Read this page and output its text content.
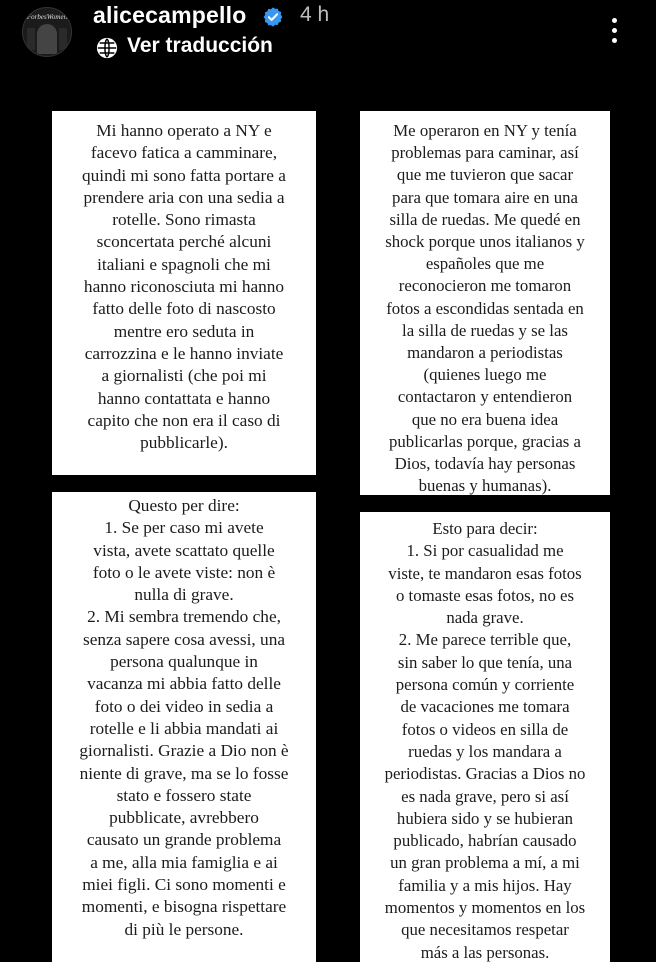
ForbesWomen alicecampello	4 h
Ver traducción
Mi hanno operato a NY e
facevo fatica a camminare,
quindi mi sono fatta portare a
prendere aria con una sedia a
rotelle. Sono rimasta
sconcertata perché alcuni
italiani e spagnoli che mi
hanno riconosciuta mi hanno
fatto delle foto di nascosto
mentre ero seduta in
carrozzina e le hanno inviate
a giornalisti (che poi mi
hanno contattata e hanno
capito che non era il caso di
pubblicarle).
Me operaron en NY y tenía
problemas para caminar, así
que me tuvieron que sacar
para que tomara aire en una
silla de ruedas. Me quedé en
shock porque unos italianos y
españoles que me
reconocieron me tomaron
fotos a escondidas sentada en
la silla de ruedas y se las
mandaron a periodistas
(quienes luego me
contactaron y entendieron
que no era buena idea
publicarlas porque, gracias a
Dios, todavía hay personas
buenas y humanas).
Questo per dire:
1. Se per caso mi avete
vista, avete scattato quelle
foto o le avete viste: non è
nulla di grave.
2. Mi sembra tremendo che,
senza sapere cosa avessi, una
persona qualunque in
vacanza mi abbia fatto delle
foto o dei video in sedia a
rotelle e li abbia mandati ai
giornalisti. Grazie a Dio non è
niente di grave, ma se lo fosse
stato e fossero state
pubblicate, avrebbero
causato un grande problema
a me, alla mia famiglia e ai
miei figli. Ci sono momenti e
momenti, e bisogna rispettare
di più le persone.
Esto para decir:
1. Si por casualidad me
viste, te mandaron esas fotos
o tomaste esas fotos, no es
nada grave.
2. Me parece terrible que,
sin saber lo que tenía, una
persona común y corriente
de vacaciones me tomara
fotos o videos en silla de
ruedas y los mandara a
periodistas. Gracias a Dios no
es nada grave, pero si así
hubiera sido y se hubieran
publicado, habrían causado
un gran problema a mí, a mi
familia y a mis hijos. Hay
momentos y momentos en los
que necesitamos respetar
más a las personas.
